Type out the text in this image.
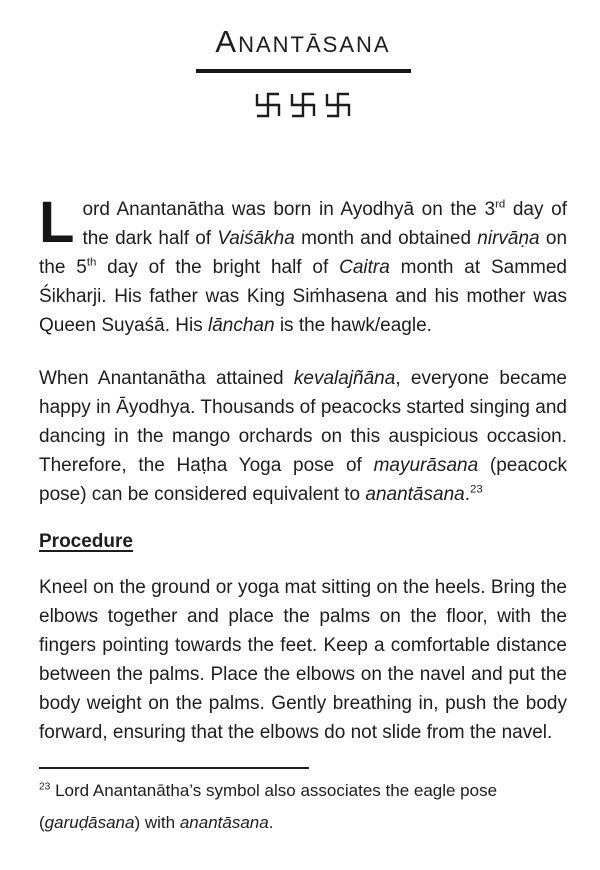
ANANTĀSANA

Lord Anantanātha was born in Ayodhyā on the 3rd day of the dark half of Vaiśākha month and obtained nirvāṇa on the 5th day of the bright half of Caitra month at Sammed Śikharji. His father was King Siṁhasena and his mother was Queen Suyaśā. His lānchan is the hawk/eagle.

When Anantanātha attained kevalajñāna, everyone became happy in Āyodhya. Thousands of peacocks started singing and dancing in the mango orchards on this auspicious occasion. Therefore, the Haṭha Yoga pose of mayurāsana (peacock pose) can be considered equivalent to anantāsana.$^{23}$

Procedure

Kneel on the ground or yoga mat sitting on the heels. Bring the elbows together and place the palms on the floor, with the fingers pointing towards the feet. Keep a comfortable distance between the palms. Place the elbows on the navel and put the body weight on the palms. Gently breathing in, push the body forward, ensuring that the elbows do not slide from the navel.

$^{23}$ Lord Anantanātha’s symbol also associates the eagle pose (garuḍāsana) with anantāsana.
